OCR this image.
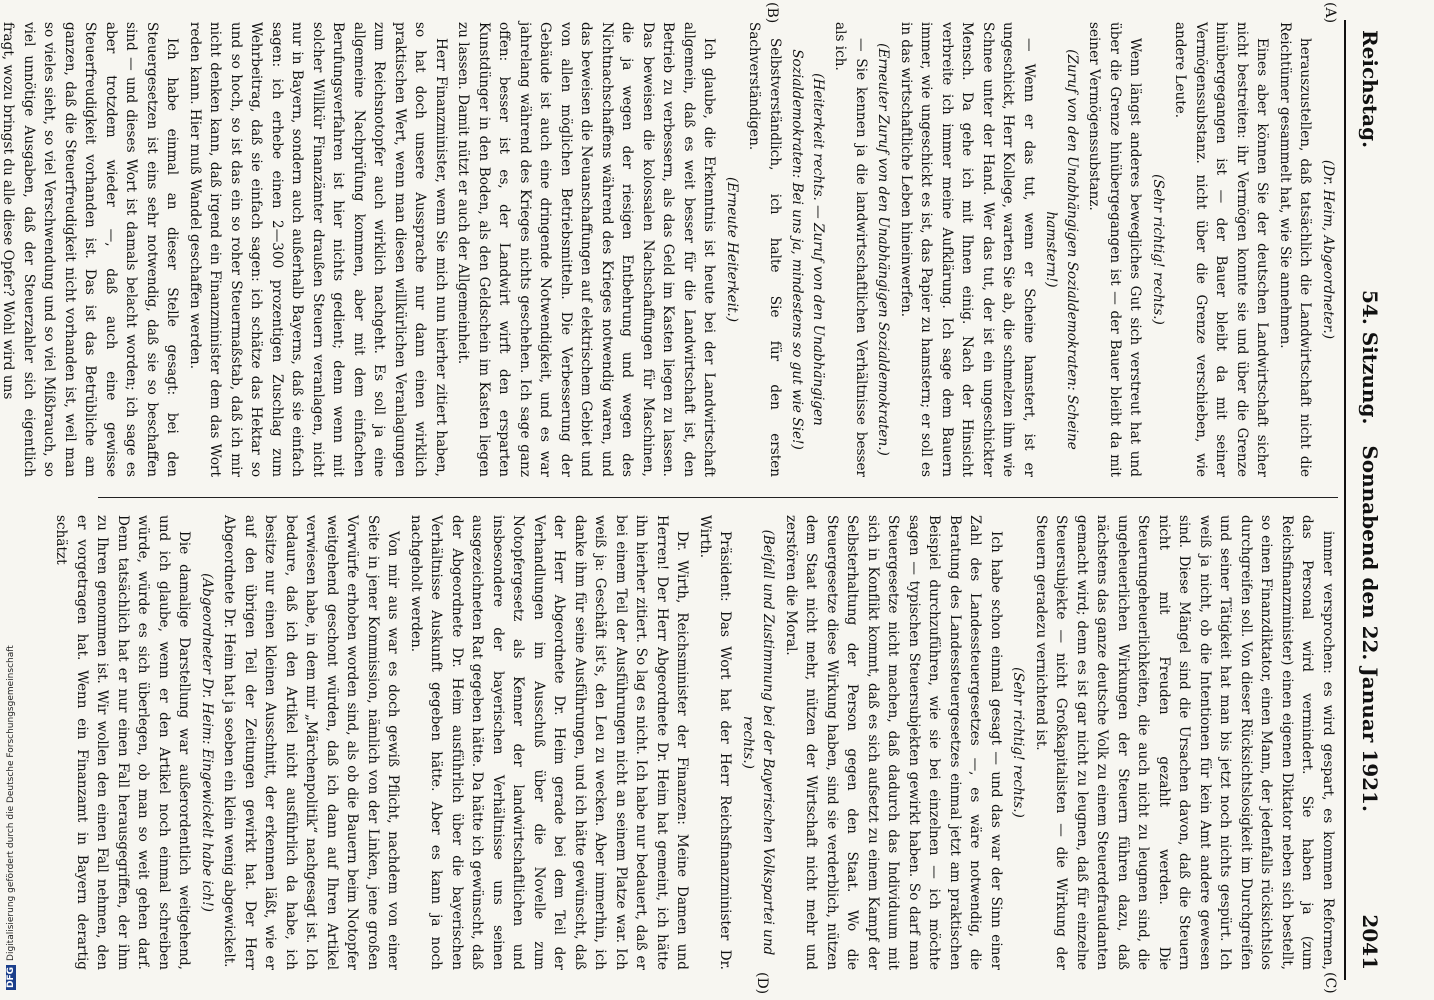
DFGDigitalisierung gefördert durch die Deutsche Forschungsgemeinschaft
Reichstag.
54. Sitzung.   Sonnabend den 22. Januar 1921.
2041
(A)
(B)
(C)
(D)

(Dr. Heim, Abgeordneter.)

herauszustellen, daß tatsächlich die Landwirtschaft nicht die Reichtümer gesammelt hat, wie Sie annehmen.

Eines aber können Sie der deutschen Landwirtschaft sicher nicht bestreiten: ihr Vermögen konnte sie und über die Grenze hinübergegangen ist — der Bauer bleibt da mit seiner Vermögenssubstanz. nicht über die Grenze verschieben, wie andere Leute.

(Sehr richtig! rechts.)

Wenn längst anderes bewegliches Gut sich verstreut hat und über die Grenze hinübergegangen ist — der Bauer bleibt da mit seiner Vermögenssubstanz.

(Zuruf von den Unabhängigen Sozialdemokraten: Scheine hamstern!)

— Wenn er das tut, wenn er Scheine hamstert, ist er ungeschickt, Herr Kollege, warten Sie ab, die schmelzen ihm wie Schnee unter der Hand. Wer das tut, der ist ein ungeschickter Mensch. Da gehe ich mit Ihnen einig. Nach der Hinsicht verbreite ich immer meine Aufklärung. Ich sage dem Bauern immer, wie ungeschickt es ist, das Papier zu hamstern; er soll es in das wirtschaftliche Leben hineinwerfen.

(Erneuter Zuruf von den Unabhängigen Sozialdemokraten.)

— Sie kennen ja die landwirtschaftlichen Verhältnisse besser als ich.

(Heiterkeit rechts. — Zuruf von den Unabhängigen Sozialdemokraten: Bei uns ja, mindestens so gut wie Sie!)

Selbstverständlich, ich halte Sie für den ersten Sachverständigen.

(Erneute Heiterkeit.)

Ich glaube, die Erkenntnis ist heute bei der Landwirtschaft allgemein, daß es weit besser für die Landwirtschaft ist, den Betrieb zu verbessern, als das Geld im Kasten liegen zu lassen. Das beweisen die kolossalen Nachschaffungen für Maschinen, die ja wegen der riesigen Entbehrung und wegen des Nichtnachschaffens während des Krieges notwendig waren, und das beweisen die Neuanschaffungen auf elektrischem Gebiet und von allen möglichen Betriebsmitteln. Die Verbesserung der Gebäude ist auch eine dringende Notwendigkeit, und es war jahrelang während des Krieges nichts geschehen. Ich sage ganz offen: besser ist es, der Landwirt wirft den ersparten Kunstdünger in den Boden, als den Geldschein im Kasten liegen zu lassen. Damit nützt er auch der Allgemeinheit.

Herr Finanzminister, wenn Sie mich nun hierher zitiert haben, so hat doch unsere Aussprache nur dann einen wirklich praktischen Wert, wenn man diesen willkürlichen Veranlagungen zum Reichsnotopfer auch wirklich nachgeht. Es soll ja eine allgemeine Nachprüfung kommen, aber mit dem einfachen Berufungsverfahren ist hier nichts gedient; denn wenn mit solcher Willkür Finanzämter draußen Steuern veranlagen, nicht nur in Bayern, sondern auch außerhalb Bayerns, daß sie einfach sagen: ich erhebe einen 2—300 prozentigen Zuschlag zum Wehrbeitrag, daß sie einfach sagen: ich schätze das Hektar so und so hoch, so ist das ein so roher Steuermaßstab, daß ich mir nicht denken kann, daß irgend ein Finanzminister dem das Wort reden kann. Hier muß Wandel geschaffen werden.

Ich habe einmal an dieser Stelle gesagt: bei den Steuergesetzen ist eins sehr notwendig, daß sie so beschaffen sind — und dieses Wort ist damals belacht worden; ich sage es aber trotzdem wieder —, daß auch eine gewisse Steuerfreudigkeit vorhanden ist. Das ist das Betrübliche am ganzen, daß die Steuerfreudigkeit nicht vorhanden ist, weil man so vieles sieht, so viel Verschwendung und so viel Mißbrauch, so viel unnötige Ausgaben, daß der Steuerzahler sich eigentlich fragt, wozu bringst du alle diese Opfer? Wohl wird uns

immer versprochen: es wird gespart, es kommen Reformen, das Personal wird vermindert. Sie haben ja (zum Reichsfinanzminister) einen eigenen Diktator neben sich bestellt, so einen Finanzdiktator, einen Mann, der jedenfalls rücksichtslos durchgreifen soll. Von dieser Rücksichtslosigkeit im Durchgreifen und seiner Tätigkeit hat man bis jetzt noch nichts gespürt. Ich weiß ja nicht, ob die Intentionen für kein Amt andere gewesen sind. Diese Mängel sind die Ursachen davon, daß die Steuern nicht mit Freuden gezahlt werden. Die Steuerungeheuerlichkeiten, die auch nicht zu leugnen sind, die ungeheuerlichen Wirkungen der Steuern führen dazu, daß nächstens das ganze deutsche Volk zu einem Steuerdefraudanten gemacht wird; denn es ist gar nicht zu leugnen, daß für einzelne Steuersubjekte — nicht Großkapitalisten — die Wirkung der Steuern geradezu vernichtend ist.

(Sehr richtig! rechts.)

Ich habe schon einmal gesagt — und das war der Sinn einer Zahl des Landessteuergesetzes —, es wäre notwendig, die Beratung des Landessteuergesetzes einmal jetzt am praktischen Beispiel durchzuführen, wie sie bei einzelnen — ich möchte sagen — typischen Steuersubjekten gewirkt haben. So darf man Steuergesetze nicht machen, daß dadurch das Individuum mit sich in Konflikt kommt, daß es sich aufsetzt zu einem Kampf der Selbsterhaltung der Person gegen den Staat. Wo die Steuergesetze diese Wirkung haben, sind sie verderblich, nützen dem Staat nicht mehr, nützen der Wirtschaft nicht mehr und zerstören die Moral.

(Beifall und Zustimmung bei der Bayerischen Volkspartei und rechts.)

Präsident: Das Wort hat der Herr Reichsfinanzminister Dr. Wirth.

Dr. Wirth, Reichsminister der Finanzen: Meine Damen und Herren! Der Herr Abgeordnete Dr. Heim hat gemeint, ich hätte ihn hierher zitiert. So lag es nicht. Ich habe nur bedauert, daß er bei einem Teil der Ausführungen nicht an seinem Platze war. Ich weiß ja: Geschäft ist's, den Leu zu wecken. Aber immerhin, ich danke ihm für seine Ausführungen, und ich hätte gewünscht, daß der Herr Abgeordnete Dr. Heim gerade bei dem Teil der Verhandlungen im Ausschuß über die Novelle zum Notopfergesetz als Kenner der landwirtschaftlichen und insbesondere der bayerischen Verhältnisse uns seinen ausgezeichneten Rat gegeben hätte. Da hätte ich gewünscht, daß der Abgeordnete Dr. Heim ausführlich über die bayerischen Verhältnisse Auskunft gegeben hätte. Aber es kann ja noch nachgeholt werden.

Von mir aus war es doch gewiß Pflicht, nachdem von einer Seite in jener Kommission, nämlich von der Linken, jene großen Vorwürfe erhoben worden sind, als ob die Bauern beim Notopfer weitgehend geschont würden, daß ich dann auf Ihren Artikel verwiesen habe, in dem mir „Märchenpolitik“ nachgesagt ist. Ich bedaure, daß ich den Artikel nicht ausführlich da habe, ich besitze nur einen kleinen Ausschnitt, der erkennen läßt, wie er auf den übrigen Teil der Zeitungen gewirkt hat. Der Herr Abgeordnete Dr. Heim hat ja soeben ein klein wenig abgewickelt.

(Abgeordneter Dr. Heim: Eingewickelt habe ich!)

Die damalige Darstellung war außerordentlich weitgehend, und ich glaube, wenn er den Artikel noch einmal schreiben würde, würde es sich überlegen, ob man so weit gehen darf. Denn tatsächlich hat er nur einen Fall herausgegriffen, der ihm zu Ihren genommen ist. Wir wollen den einen Fall nehmen, den er vorgetragen hat. Wenn ein Finanzamt in Bayern derartig schätzt
